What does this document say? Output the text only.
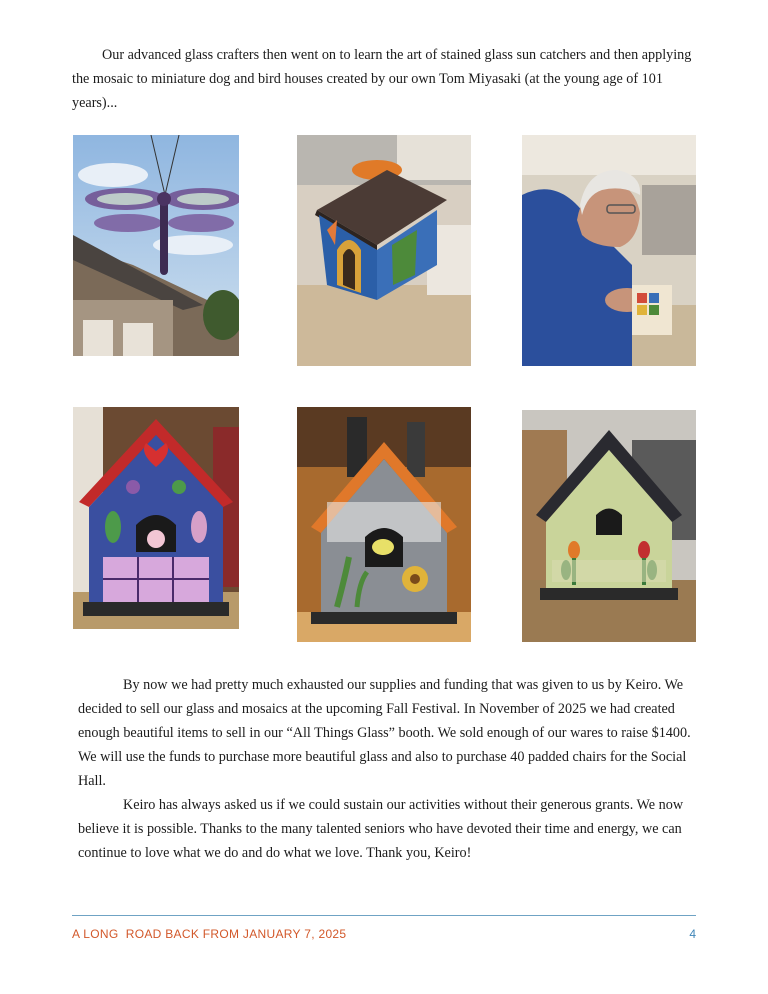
Our advanced glass crafters then went on to learn the art of stained glass sun catchers and then applying the mosaic to miniature dog and bird houses created by our own Tom Miyasaki (at the young age of 101 years)...

By now we had pretty much exhausted our supplies and funding that was given to us by Keiro. We decided to sell our glass and mosaics at the upcoming Fall Festival. In November of 2025 we had created enough beautiful items to sell in our “All Things Glass” booth. We sold enough of our wares to raise $1400. We will use the funds to purchase more beautiful glass and also to purchase 40 padded chairs for the Social Hall.

Keiro has always asked us if we could sustain our activities without their generous grants. We now believe it is possible. Thanks to the many talented seniors who have devoted their time and energy, we can continue to love what we do and do what we love. Thank you, Keiro!

A LONG  ROAD BACK FROM JANUARY 7, 2025	4
